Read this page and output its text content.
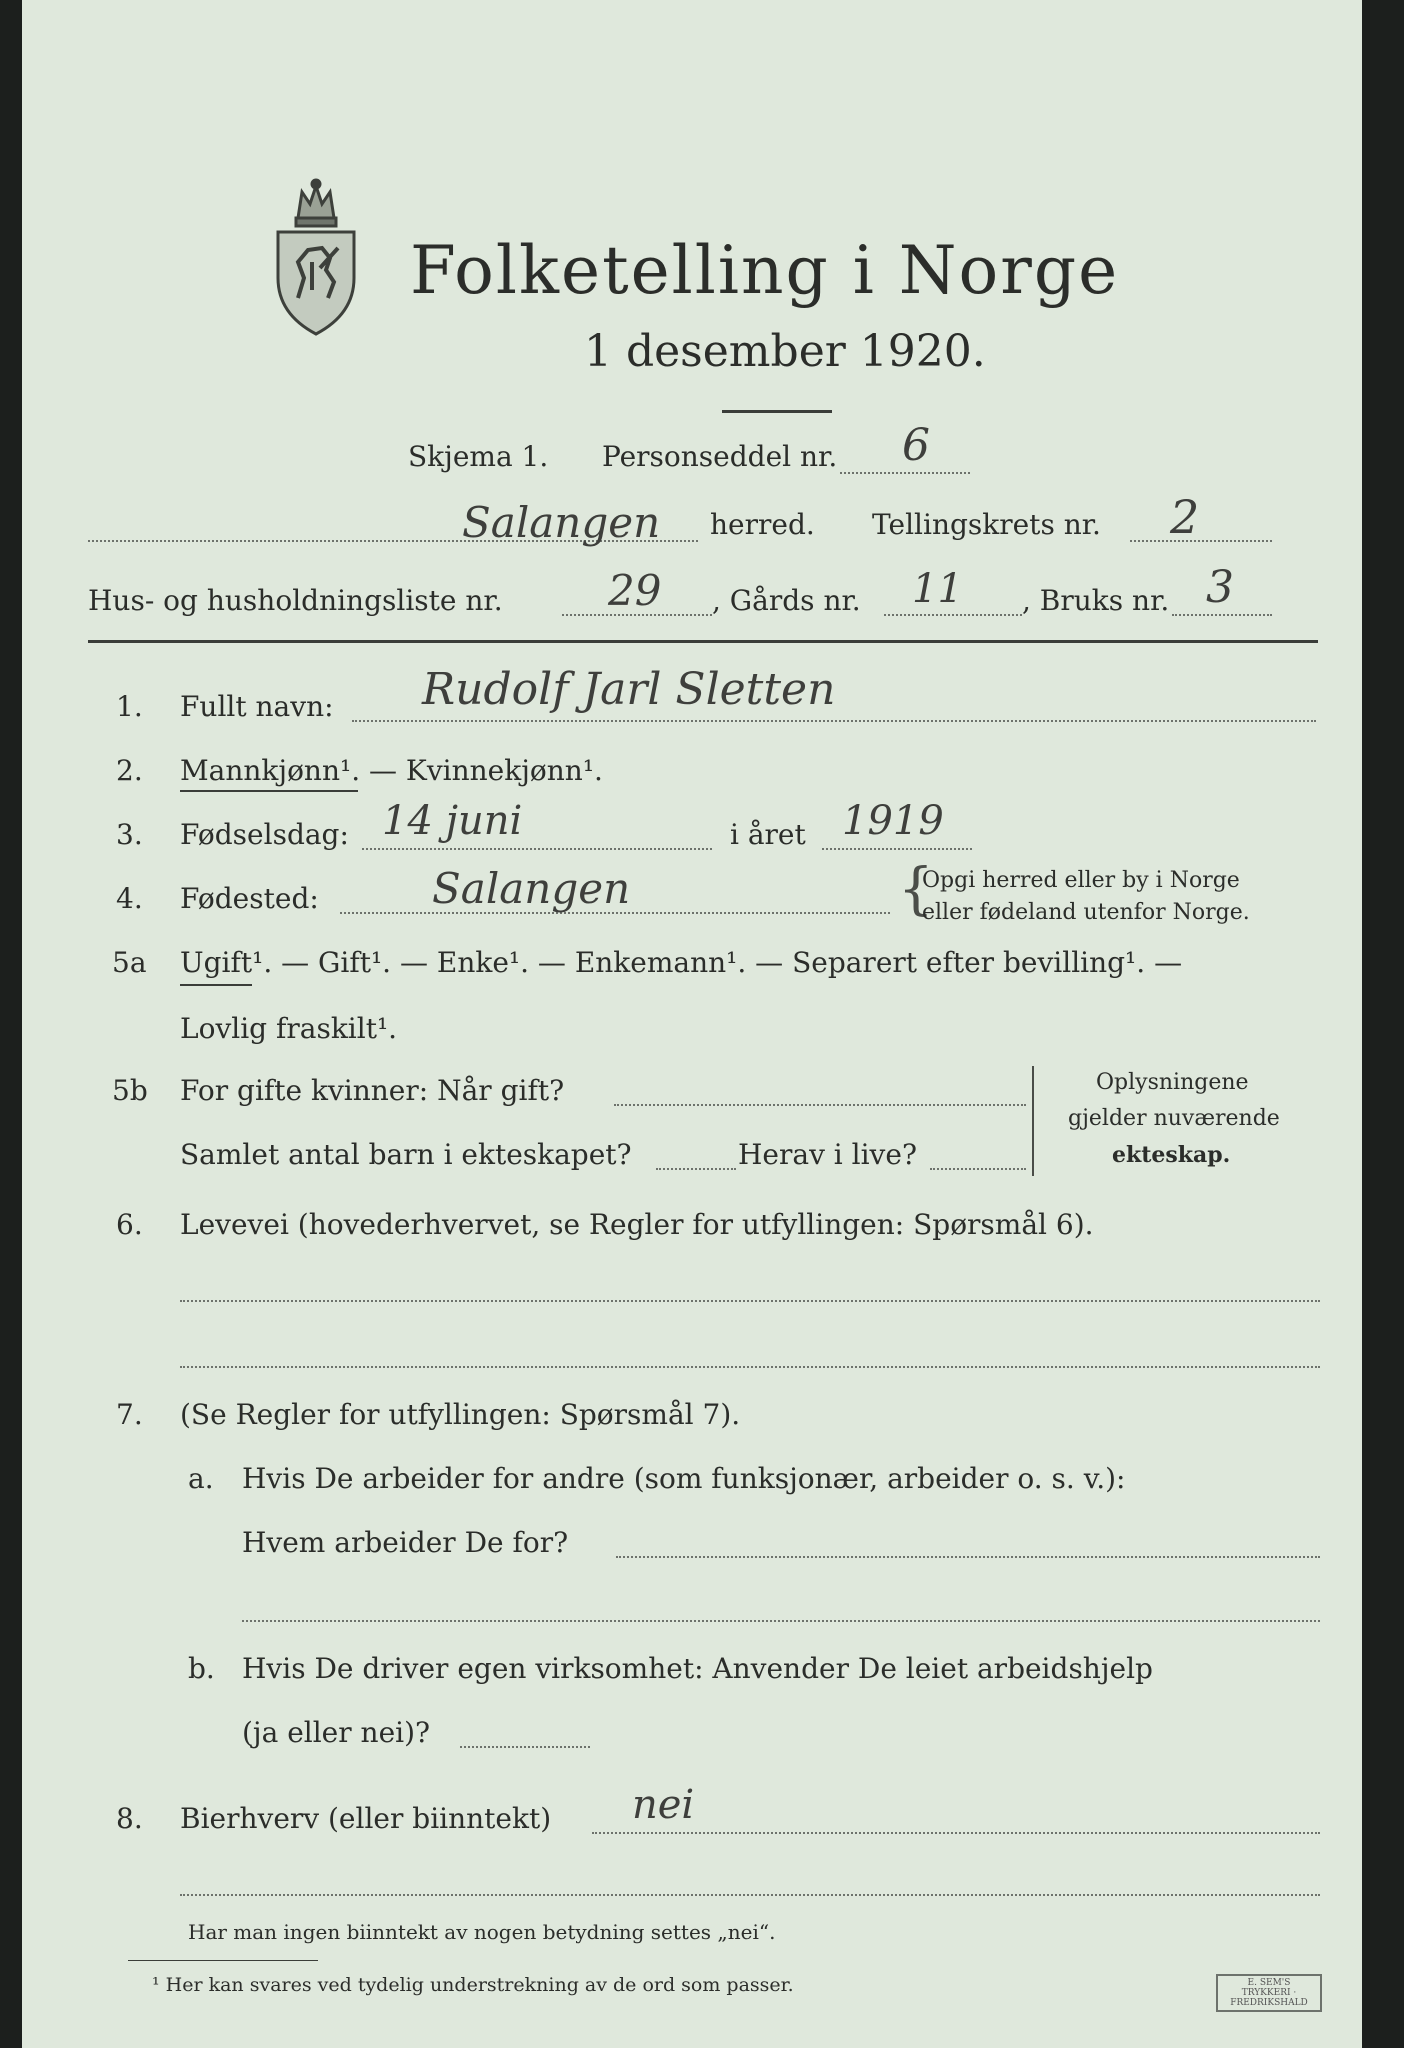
Folketelling i Norge
1 desember 1920.
Skjema 1. Personseddel nr. 6
Salangen herred. Tellingskrets nr. 2
Hus- og husholdningsliste nr.	29 , Gårds nr. 11 , Bruks nr. 3
1. Fullt navn: Rudolf Jarl Sletten
2. Mannkjønn¹. — Kvinnekjønn¹.
3. Fødselsdag: 14 juni	i året 1919
4. Fødested:	Salangen	{
Opgi herred eller by i Norge
eller fødeland utenfor Norge.
5a Ugift¹. — Gift¹. — Enke¹. — Enkemann¹. — Separert efter bevilling¹. —
Lovlig fraskilt¹.
5b For gifte kvinner: Når gift?
Samlet antal barn i ekteskapet?	Herav i live?
Oplysningene
gjelder nuværende
ekteskap.
6. Levevei (hovederhvervet, se Regler for utfyllingen: Spørsmål 6).
7. (Se Regler for utfyllingen: Spørsmål 7).
a. Hvis De arbeider for andre (som funksjonær, arbeider o. s. v.):
Hvem arbeider De for?
b. Hvis De driver egen virksomhet: Anvender De leiet arbeidshjelp
(ja eller nei)?
8. Bierhverv (eller biinntekt) nei
Har man ingen biinntekt av nogen betydning settes „nei“.
¹ Her kan svares ved tydelig understrekning av de ord som passer.	E. SEM'S TRYKKERI · FREDRIKSHALD
